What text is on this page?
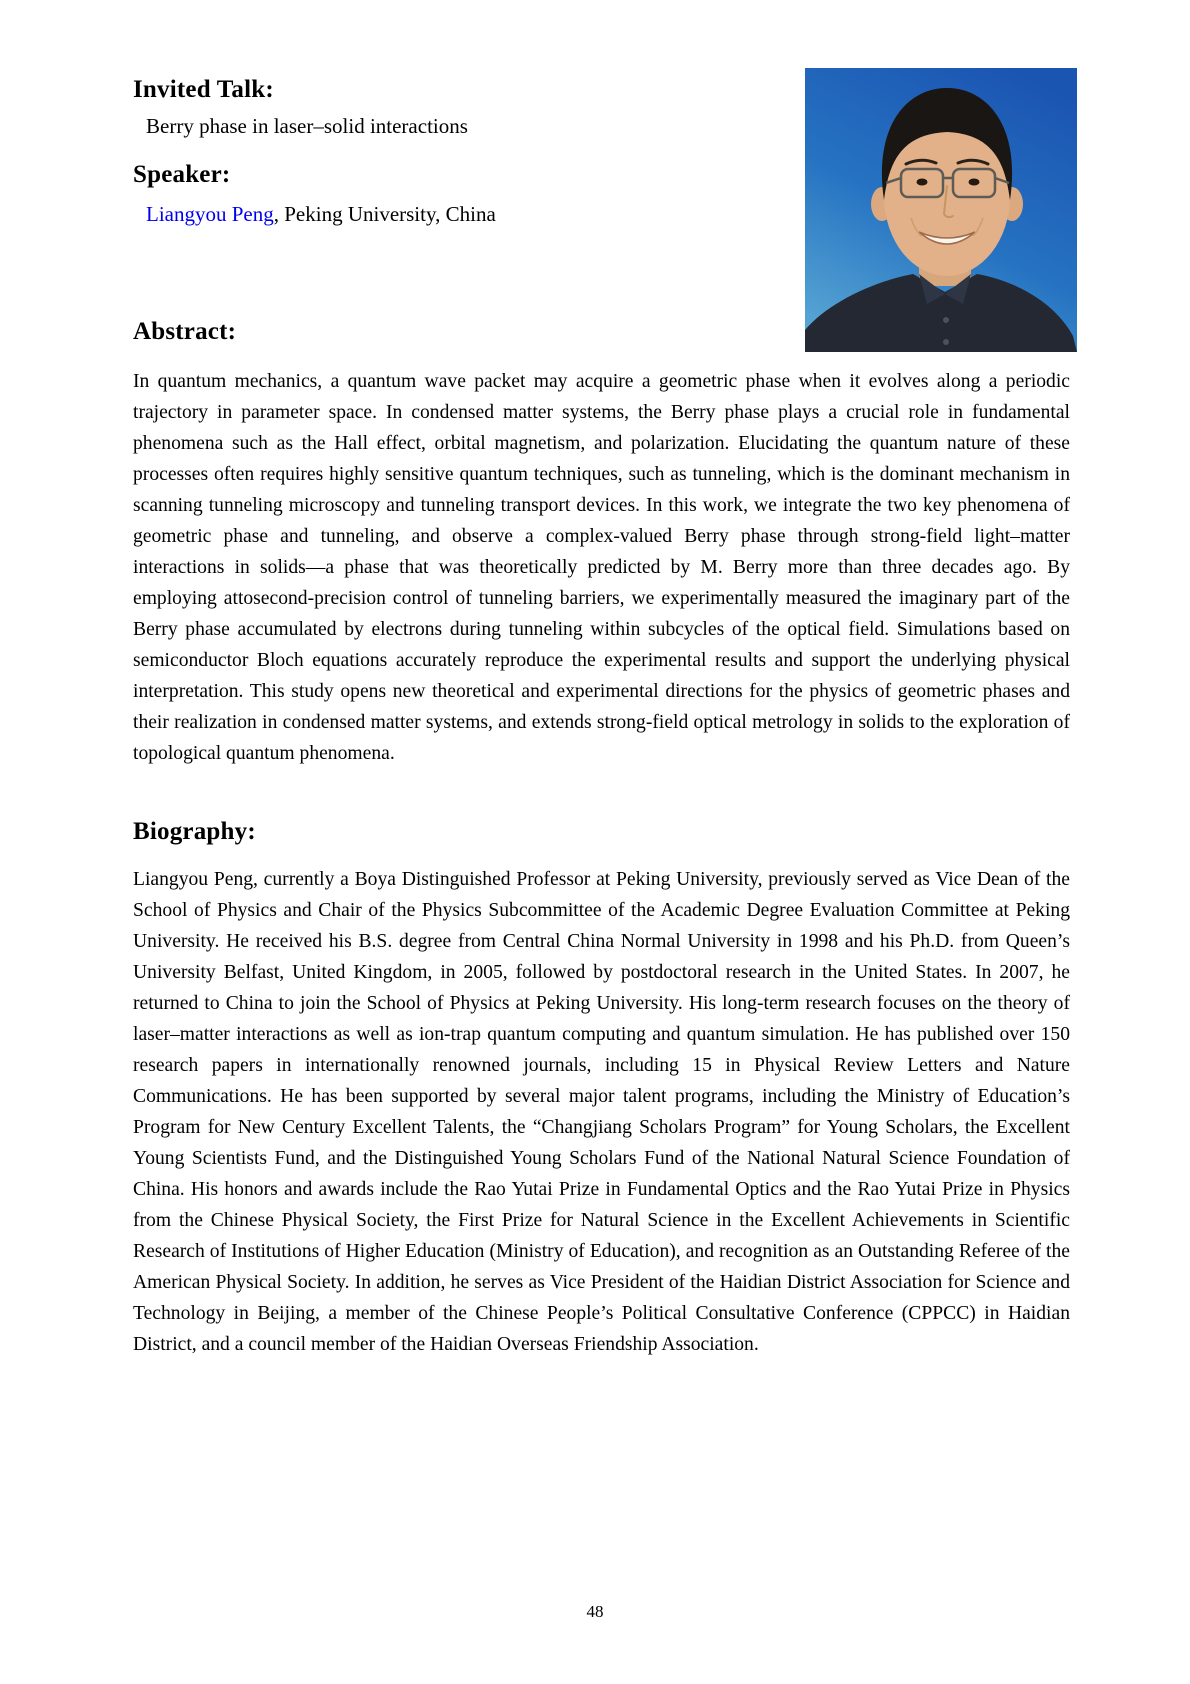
Invited Talk:

Berry phase in laser–solid interactions

Speaker:

Liangyou Peng, Peking University, China

Abstract:

In quantum mechanics, a quantum wave packet may acquire a geometric phase when it evolves along a periodic trajectory in parameter space. In condensed matter systems, the Berry phase plays a crucial role in fundamental phenomena such as the Hall effect, orbital magnetism, and polarization. Elucidating the quantum nature of these processes often requires highly sensitive quantum techniques, such as tunneling, which is the dominant mechanism in scanning tunneling microscopy and tunneling transport devices. In this work, we integrate the two key phenomena of geometric phase and tunneling, and observe a complex-valued Berry phase through strong-field light–matter interactions in solids—a phase that was theoretically predicted by M. Berry more than three decades ago. By employing attosecond-precision control of tunneling barriers, we experimentally measured the imaginary part of the Berry phase accumulated by electrons during tunneling within subcycles of the optical field. Simulations based on semiconductor Bloch equations accurately reproduce the experimental results and support the underlying physical interpretation. This study opens new theoretical and experimental directions for the physics of geometric phases and their realization in condensed matter systems, and extends strong-field optical metrology in solids to the exploration of topological quantum phenomena.

Biography:

Liangyou Peng, currently a Boya Distinguished Professor at Peking University, previously served as Vice Dean of the School of Physics and Chair of the Physics Subcommittee of the Academic Degree Evaluation Committee at Peking University. He received his B.S. degree from Central China Normal University in 1998 and his Ph.D. from Queen’s University Belfast, United Kingdom, in 2005, followed by postdoctoral research in the United States. In 2007, he returned to China to join the School of Physics at Peking University. His long-term research focuses on the theory of laser–matter interactions as well as ion-trap quantum computing and quantum simulation. He has published over 150 research papers in internationally renowned journals, including 15 in Physical Review Letters and Nature Communications. He has been supported by several major talent programs, including the Ministry of Education’s Program for New Century Excellent Talents, the “Changjiang Scholars Program” for Young Scholars, the Excellent Young Scientists Fund, and the Distinguished Young Scholars Fund of the National Natural Science Foundation of China. His honors and awards include the Rao Yutai Prize in Fundamental Optics and the Rao Yutai Prize in Physics from the Chinese Physical Society, the First Prize for Natural Science in the Excellent Achievements in Scientific Research of Institutions of Higher Education (Ministry of Education), and recognition as an Outstanding Referee of the American Physical Society. In addition, he serves as Vice President of the Haidian District Association for Science and Technology in Beijing, a member of the Chinese People’s Political Consultative Conference (CPPCC) in Haidian District, and a council member of the Haidian Overseas Friendship Association.

48
